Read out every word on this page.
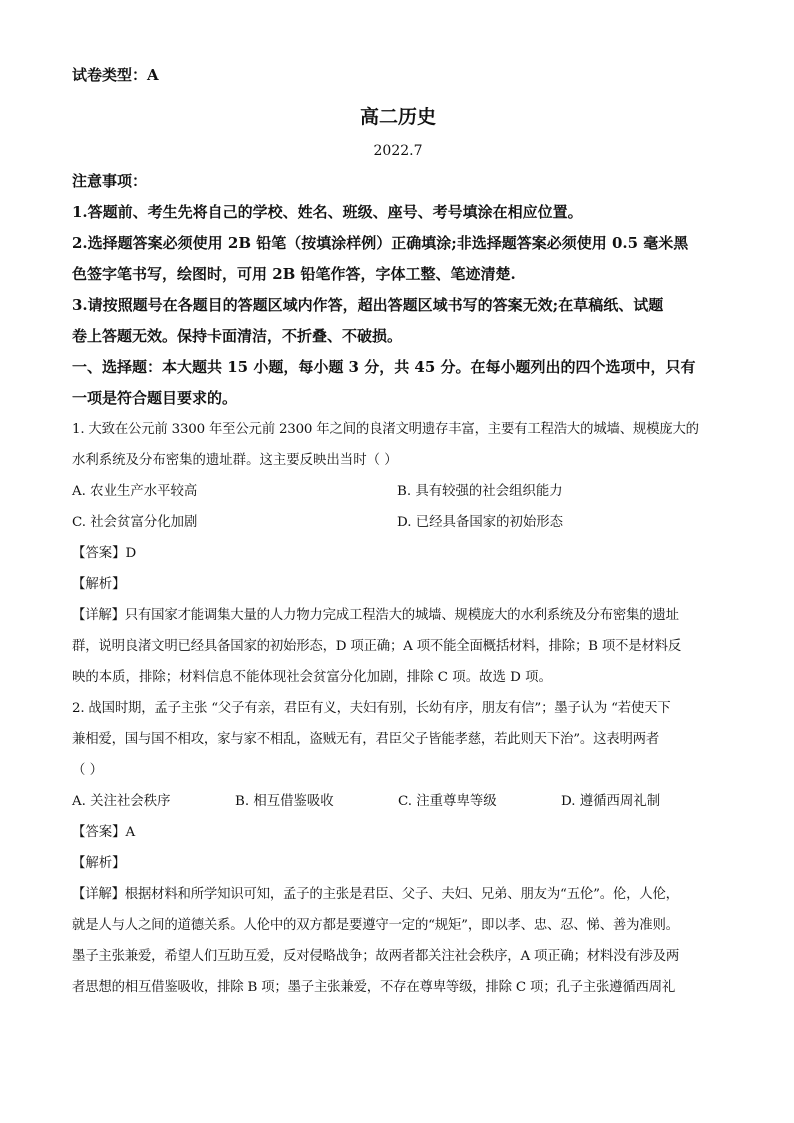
试卷类型：A
高二历史
2022.7
注意事项：
1.答题前、考生先将自己的学校、姓名、班级、座号、考号填涂在相应位置。
2.选择题答案必须使用 2B 铅笔（按填涂样例）正确填涂;非选择题答案必须使用 0.5 毫米黑
色签字笔书写，绘图时，可用 2B 铅笔作答，字体工整、笔迹清楚.
3.请按照题号在各题目的答题区域内作答，超出答题区域书写的答案无效;在草稿纸、试题
卷上答题无效。保持卡面清洁，不折叠、不破损。
一、选择题：本大题共 15 小题，每小题 3 分，共 45 分。在每小题列出的四个选项中，只有
一项是符合题目要求的。
1. 大致在公元前 3300 年至公元前 2300 年之间的良渚文明遗存丰富，主要有工程浩大的城墙、规模庞大的
水利系统及分布密集的遗址群。这主要反映出当时（ ）
A. 农业生产水平较高	B. 具有较强的社会组织能力
C. 社会贫富分化加剧	D. 已经具备国家的初始形态
【答案】D
【解析】
【详解】只有国家才能调集大量的人力物力完成工程浩大的城墙、规模庞大的水利系统及分布密集的遗址
群，说明良渚文明已经具备国家的初始形态，D 项正确；A 项不能全面概括材料，排除；B 项不是材料反
映的本质，排除；材料信息不能体现社会贫富分化加剧，排除 C 项。故选 D 项。
2. 战国时期，孟子主张 “父子有亲，君臣有义，夫妇有别，长幼有序，朋友有信”；墨子认为 “若使天下
兼相爱，国与国不相攻，家与家不相乱，盗贼无有，君臣父子皆能孝慈，若此则天下治”。这表明两者
（ ）
A. 关注社会秩序	B. 相互借鉴吸收	C. 注重尊卑等级	D. 遵循西周礼制
【答案】A
【解析】
【详解】根据材料和所学知识可知，孟子的主张是君臣、父子、夫妇、兄弟、朋友为“五伦”。伦，人伦，
就是人与人之间的道德关系。人伦中的双方都是要遵守一定的“规矩”，即以孝、忠、忍、悌、善为准则。
墨子主张兼爱，希望人们互助互爱，反对侵略战争；故两者都关注社会秩序，A 项正确；材料没有涉及两
者思想的相互借鉴吸收，排除 B 项；墨子主张兼爱，不存在尊卑等级，排除 C 项；孔子主张遵循西周礼
